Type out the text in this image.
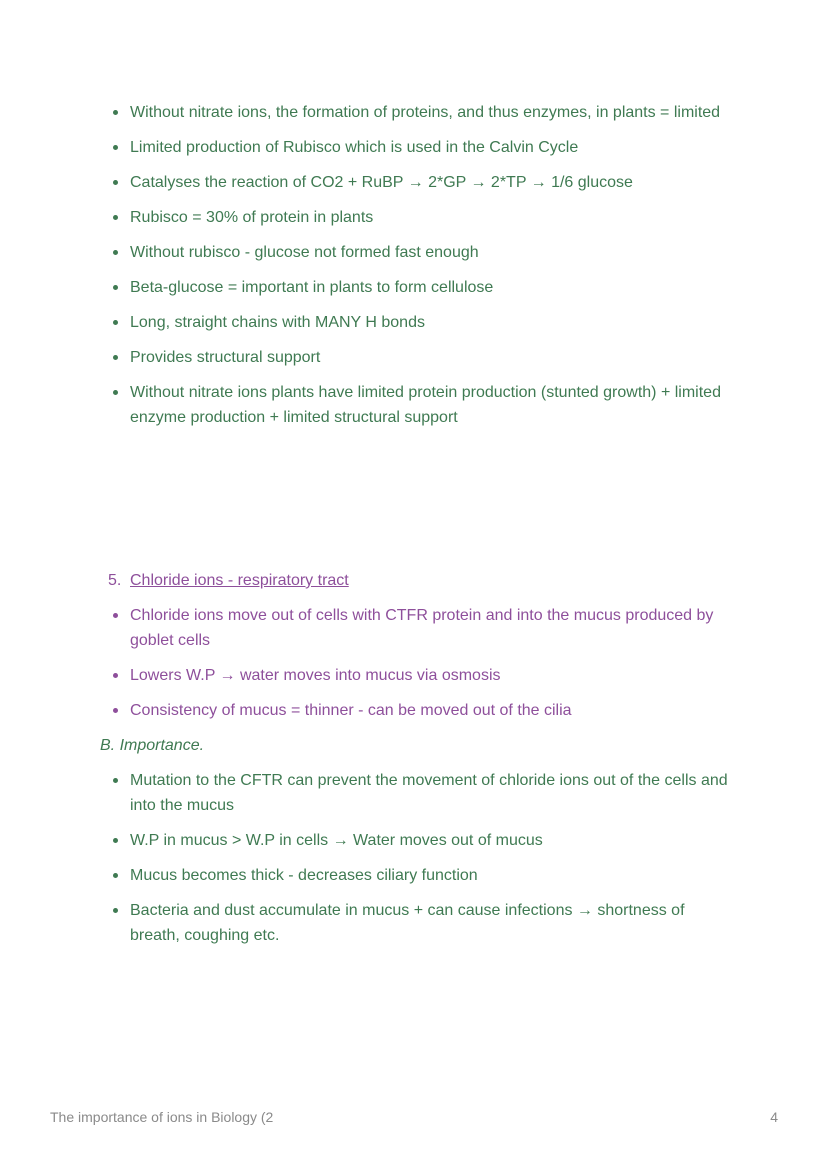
Without nitrate ions, the formation of proteins, and thus enzymes, in plants = limited
Limited production of Rubisco which is used in the Calvin Cycle
Catalyses the reaction of CO2 + RuBP → 2*GP → 2*TP → 1/6 glucose
Rubisco = 30% of protein in plants
Without rubisco - glucose not formed fast enough
Beta-glucose = important in plants to form cellulose
Long, straight chains with MANY H bonds
Provides structural support
Without nitrate ions plants have limited protein production (stunted growth) + limited enzyme production + limited structural support
5. Chloride ions - respiratory tract
Chloride ions move out of cells with CTFR protein and into the mucus produced by goblet cells
Lowers W.P → water moves into mucus via osmosis
Consistency of mucus = thinner - can be moved out of the cilia
B. Importance.
Mutation to the CFTR can prevent the movement of chloride ions out of the cells and into the mucus
W.P in mucus > W.P in cells → Water moves out of mucus
Mucus becomes thick - decreases ciliary function
Bacteria and dust accumulate in mucus + can cause infections → shortness of breath, coughing etc.
The importance of ions in Biology (2	4
